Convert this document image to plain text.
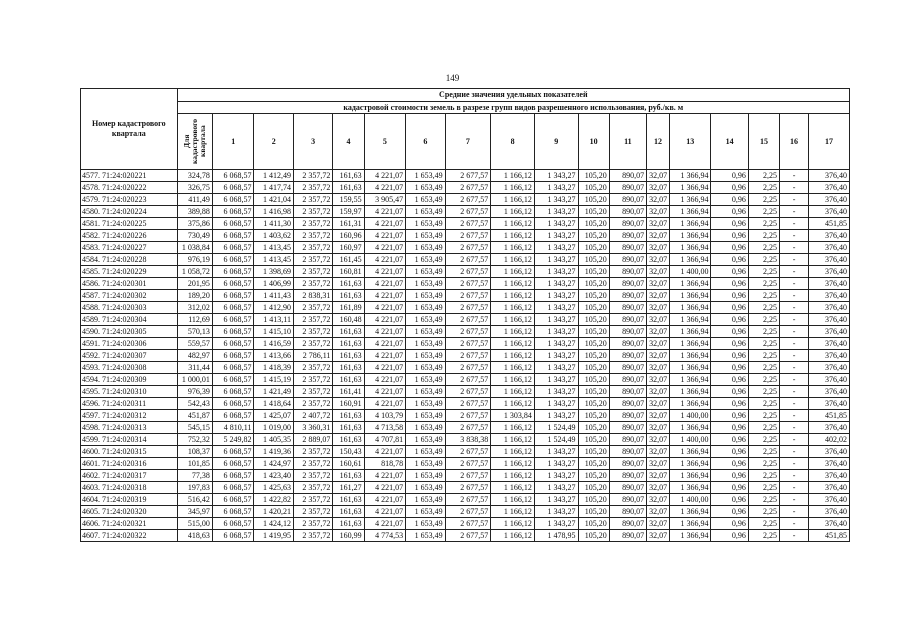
149
Номер кадастрового квартала	Средние значения удельных показателей																	
	кадастровой стоимости земель в разрезе групп видов разрешенного использования, руб./кв. м																	
	Для кадастрового квартала	1	2	3	4	5	6	7	8	9	10	11	12	13	14	15	16	17
4577. 71:24:020221	324,78	6 068,57	1 412,49	2 357,72	161,63	4 221,07	1 653,49	2 677,57	1 166,12	1 343,27	105,20	890,07	32,07	1 366,94	0,96	2,25	-	376,40
4578. 71:24:020222	326,75	6 068,57	1 417,74	2 357,72	161,63	4 221,07	1 653,49	2 677,57	1 166,12	1 343,27	105,20	890,07	32,07	1 366,94	0,96	2,25	-	376,40
4579. 71:24:020223	411,49	6 068,57	1 421,04	2 357,72	159,55	3 905,47	1 653,49	2 677,57	1 166,12	1 343,27	105,20	890,07	32,07	1 366,94	0,96	2,25	-	376,40
4580. 71:24:020224	389,88	6 068,57	1 416,98	2 357,72	159,97	4 221,07	1 653,49	2 677,57	1 166,12	1 343,27	105,20	890,07	32,07	1 366,94	0,96	2,25	-	376,40
4581. 71:24:020225	375,86	6 068,57	1 411,30	2 357,72	161,31	4 221,07	1 653,49	2 677,57	1 166,12	1 343,27	105,20	890,07	32,07	1 366,94	0,96	2,25	-	451,85
4582. 71:24:020226	730,49	6 068,57	1 403,62	2 357,72	160,96	4 221,07	1 653,49	2 677,57	1 166,12	1 343,27	105,20	890,07	32,07	1 366,94	0,96	2,25	-	376,40
4583. 71:24:020227	1 038,84	6 068,57	1 413,45	2 357,72	160,97	4 221,07	1 653,49	2 677,57	1 166,12	1 343,27	105,20	890,07	32,07	1 366,94	0,96	2,25	-	376,40
4584. 71:24:020228	976,19	6 068,57	1 413,45	2 357,72	161,45	4 221,07	1 653,49	2 677,57	1 166,12	1 343,27	105,20	890,07	32,07	1 366,94	0,96	2,25	-	376,40
4585. 71:24:020229	1 058,72	6 068,57	1 398,69	2 357,72	160,81	4 221,07	1 653,49	2 677,57	1 166,12	1 343,27	105,20	890,07	32,07	1 400,00	0,96	2,25	-	376,40
4586. 71:24:020301	201,95	6 068,57	1 406,99	2 357,72	161,63	4 221,07	1 653,49	2 677,57	1 166,12	1 343,27	105,20	890,07	32,07	1 366,94	0,96	2,25	-	376,40
4587. 71:24:020302	189,20	6 068,57	1 411,43	2 838,31	161,63	4 221,07	1 653,49	2 677,57	1 166,12	1 343,27	105,20	890,07	32,07	1 366,94	0,96	2,25	-	376,40
4588. 71:24:020303	312,02	6 068,57	1 412,90	2 357,72	161,89	4 221,07	1 653,49	2 677,57	1 166,12	1 343,27	105,20	890,07	32,07	1 366,94	0,96	2,25	-	376,40
4589. 71:24:020304	112,69	6 068,57	1 413,11	2 357,72	160,48	4 221,07	1 653,49	2 677,57	1 166,12	1 343,27	105,20	890,07	32,07	1 366,94	0,96	2,25	-	376,40
4590. 71:24:020305	570,13	6 068,57	1 415,10	2 357,72	161,63	4 221,07	1 653,49	2 677,57	1 166,12	1 343,27	105,20	890,07	32,07	1 366,94	0,96	2,25	-	376,40
4591. 71:24:020306	559,57	6 068,57	1 416,59	2 357,72	161,63	4 221,07	1 653,49	2 677,57	1 166,12	1 343,27	105,20	890,07	32,07	1 366,94	0,96	2,25	-	376,40
4592. 71:24:020307	482,97	6 068,57	1 413,66	2 786,11	161,63	4 221,07	1 653,49	2 677,57	1 166,12	1 343,27	105,20	890,07	32,07	1 366,94	0,96	2,25	-	376,40
4593. 71:24:020308	311,44	6 068,57	1 418,39	2 357,72	161,63	4 221,07	1 653,49	2 677,57	1 166,12	1 343,27	105,20	890,07	32,07	1 366,94	0,96	2,25	-	376,40
4594. 71:24:020309	1 000,01	6 068,57	1 415,19	2 357,72	161,63	4 221,07	1 653,49	2 677,57	1 166,12	1 343,27	105,20	890,07	32,07	1 366,94	0,96	2,25	-	376,40
4595. 71:24:020310	976,39	6 068,57	1 421,49	2 357,72	161,41	4 221,07	1 653,49	2 677,57	1 166,12	1 343,27	105,20	890,07	32,07	1 366,94	0,96	2,25	-	376,40
4596. 71:24:020311	542,43	6 068,57	1 418,64	2 357,72	160,91	4 221,07	1 653,49	2 677,57	1 166,12	1 343,27	105,20	890,07	32,07	1 366,94	0,96	2,25	-	376,40
4597. 71:24:020312	451,87	6 068,57	1 425,07	2 407,72	161,63	4 103,79	1 653,49	2 677,57	1 303,84	1 343,27	105,20	890,07	32,07	1 400,00	0,96	2,25	-	451,85
4598. 71:24:020313	545,15	4 810,11	1 019,00	3 360,31	161,63	4 713,58	1 653,49	2 677,57	1 166,12	1 524,49	105,20	890,07	32,07	1 366,94	0,96	2,25	-	376,40
4599. 71:24:020314	752,32	5 249,82	1 405,35	2 889,07	161,63	4 707,81	1 653,49	3 838,38	1 166,12	1 524,49	105,20	890,07	32,07	1 400,00	0,96	2,25	-	402,02
4600. 71:24:020315	108,37	6 068,57	1 419,36	2 357,72	150,43	4 221,07	1 653,49	2 677,57	1 166,12	1 343,27	105,20	890,07	32,07	1 366,94	0,96	2,25	-	376,40
4601. 71:24:020316	101,85	6 068,57	1 424,97	2 357,72	160,61	818,78	1 653,49	2 677,57	1 166,12	1 343,27	105,20	890,07	32,07	1 366,94	0,96	2,25	-	376,40
4602. 71:24:020317	77,38	6 068,57	1 423,40	2 357,72	161,63	4 221,07	1 653,49	2 677,57	1 166,12	1 343,27	105,20	890,07	32,07	1 366,94	0,96	2,25	-	376,40
4603. 71:24:020318	197,83	6 068,57	1 425,63	2 357,72	161,27	4 221,07	1 653,49	2 677,57	1 166,12	1 343,27	105,20	890,07	32,07	1 366,94	0,96	2,25	-	376,40
4604. 71:24:020319	516,42	6 068,57	1 422,82	2 357,72	161,63	4 221,07	1 653,49	2 677,57	1 166,12	1 343,27	105,20	890,07	32,07	1 400,00	0,96	2,25	-	376,40
4605. 71:24:020320	345,97	6 068,57	1 420,21	2 357,72	161,63	4 221,07	1 653,49	2 677,57	1 166,12	1 343,27	105,20	890,07	32,07	1 366,94	0,96	2,25	-	376,40
4606. 71:24:020321	515,00	6 068,57	1 424,12	2 357,72	161,63	4 221,07	1 653,49	2 677,57	1 166,12	1 343,27	105,20	890,07	32,07	1 366,94	0,96	2,25	-	376,40
4607. 71:24:020322	418,63	6 068,57	1 419,95	2 357,72	160,99	4 774,53	1 653,49	2 677,57	1 166,12	1 478,95	105,20	890,07	32,07	1 366,94	0,96	2,25	-	451,85
